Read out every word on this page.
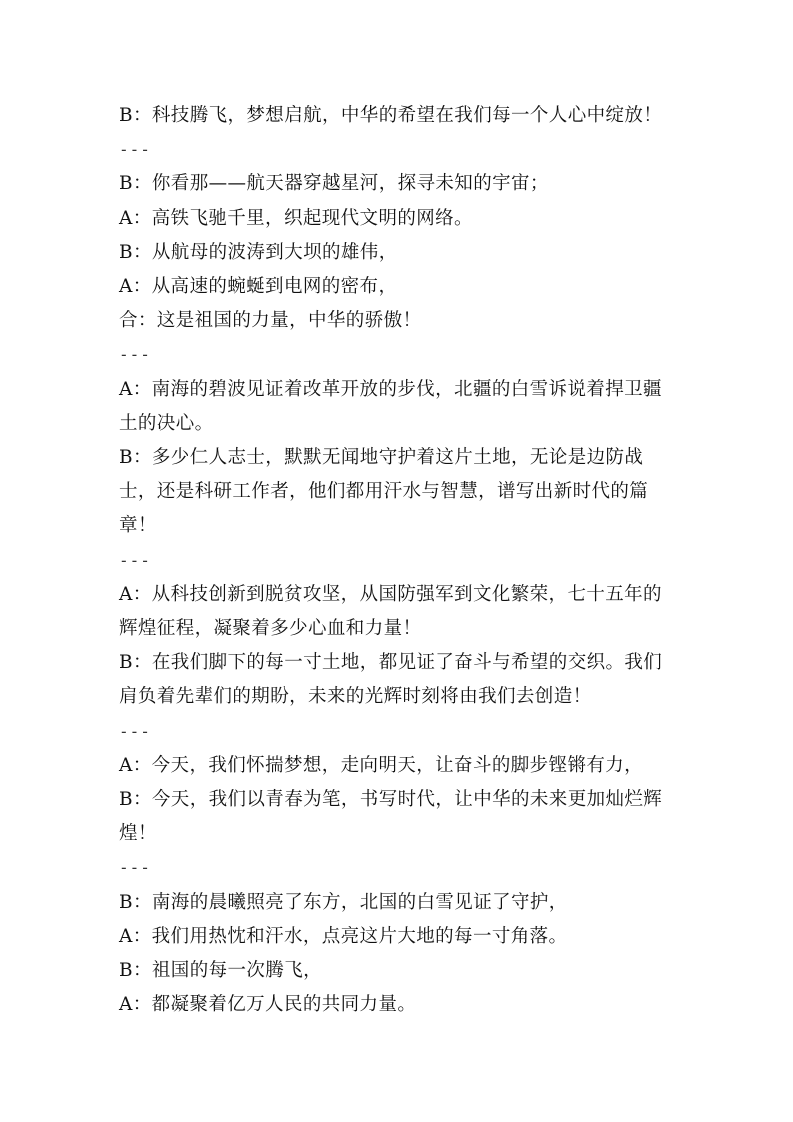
B：科技腾飞，梦想启航，中华的希望在我们每一个人心中绽放！
---
B：你看那——航天器穿越星河，探寻未知的宇宙；
A：高铁飞驰千里，织起现代文明的网络。
B：从航母的波涛到大坝的雄伟，
A：从高速的蜿蜒到电网的密布，
合：这是祖国的力量，中华的骄傲！
---
A：南海的碧波见证着改革开放的步伐，北疆的白雪诉说着捍卫疆土的决心。
B：多少仁人志士，默默无闻地守护着这片土地，无论是边防战士，还是科研工作者，他们都用汗水与智慧，谱写出新时代的篇章！
---
A：从科技创新到脱贫攻坚，从国防强军到文化繁荣，七十五年的辉煌征程，凝聚着多少心血和力量！
B：在我们脚下的每一寸土地，都见证了奋斗与希望的交织。我们肩负着先辈们的期盼，未来的光辉时刻将由我们去创造！
---
A：今天，我们怀揣梦想，走向明天，让奋斗的脚步铿锵有力，
B：今天，我们以青春为笔，书写时代，让中华的未来更加灿烂辉煌！
---
B：南海的晨曦照亮了东方，北国的白雪见证了守护，
A：我们用热忱和汗水，点亮这片大地的每一寸角落。
B：祖国的每一次腾飞，
A：都凝聚着亿万人民的共同力量。
